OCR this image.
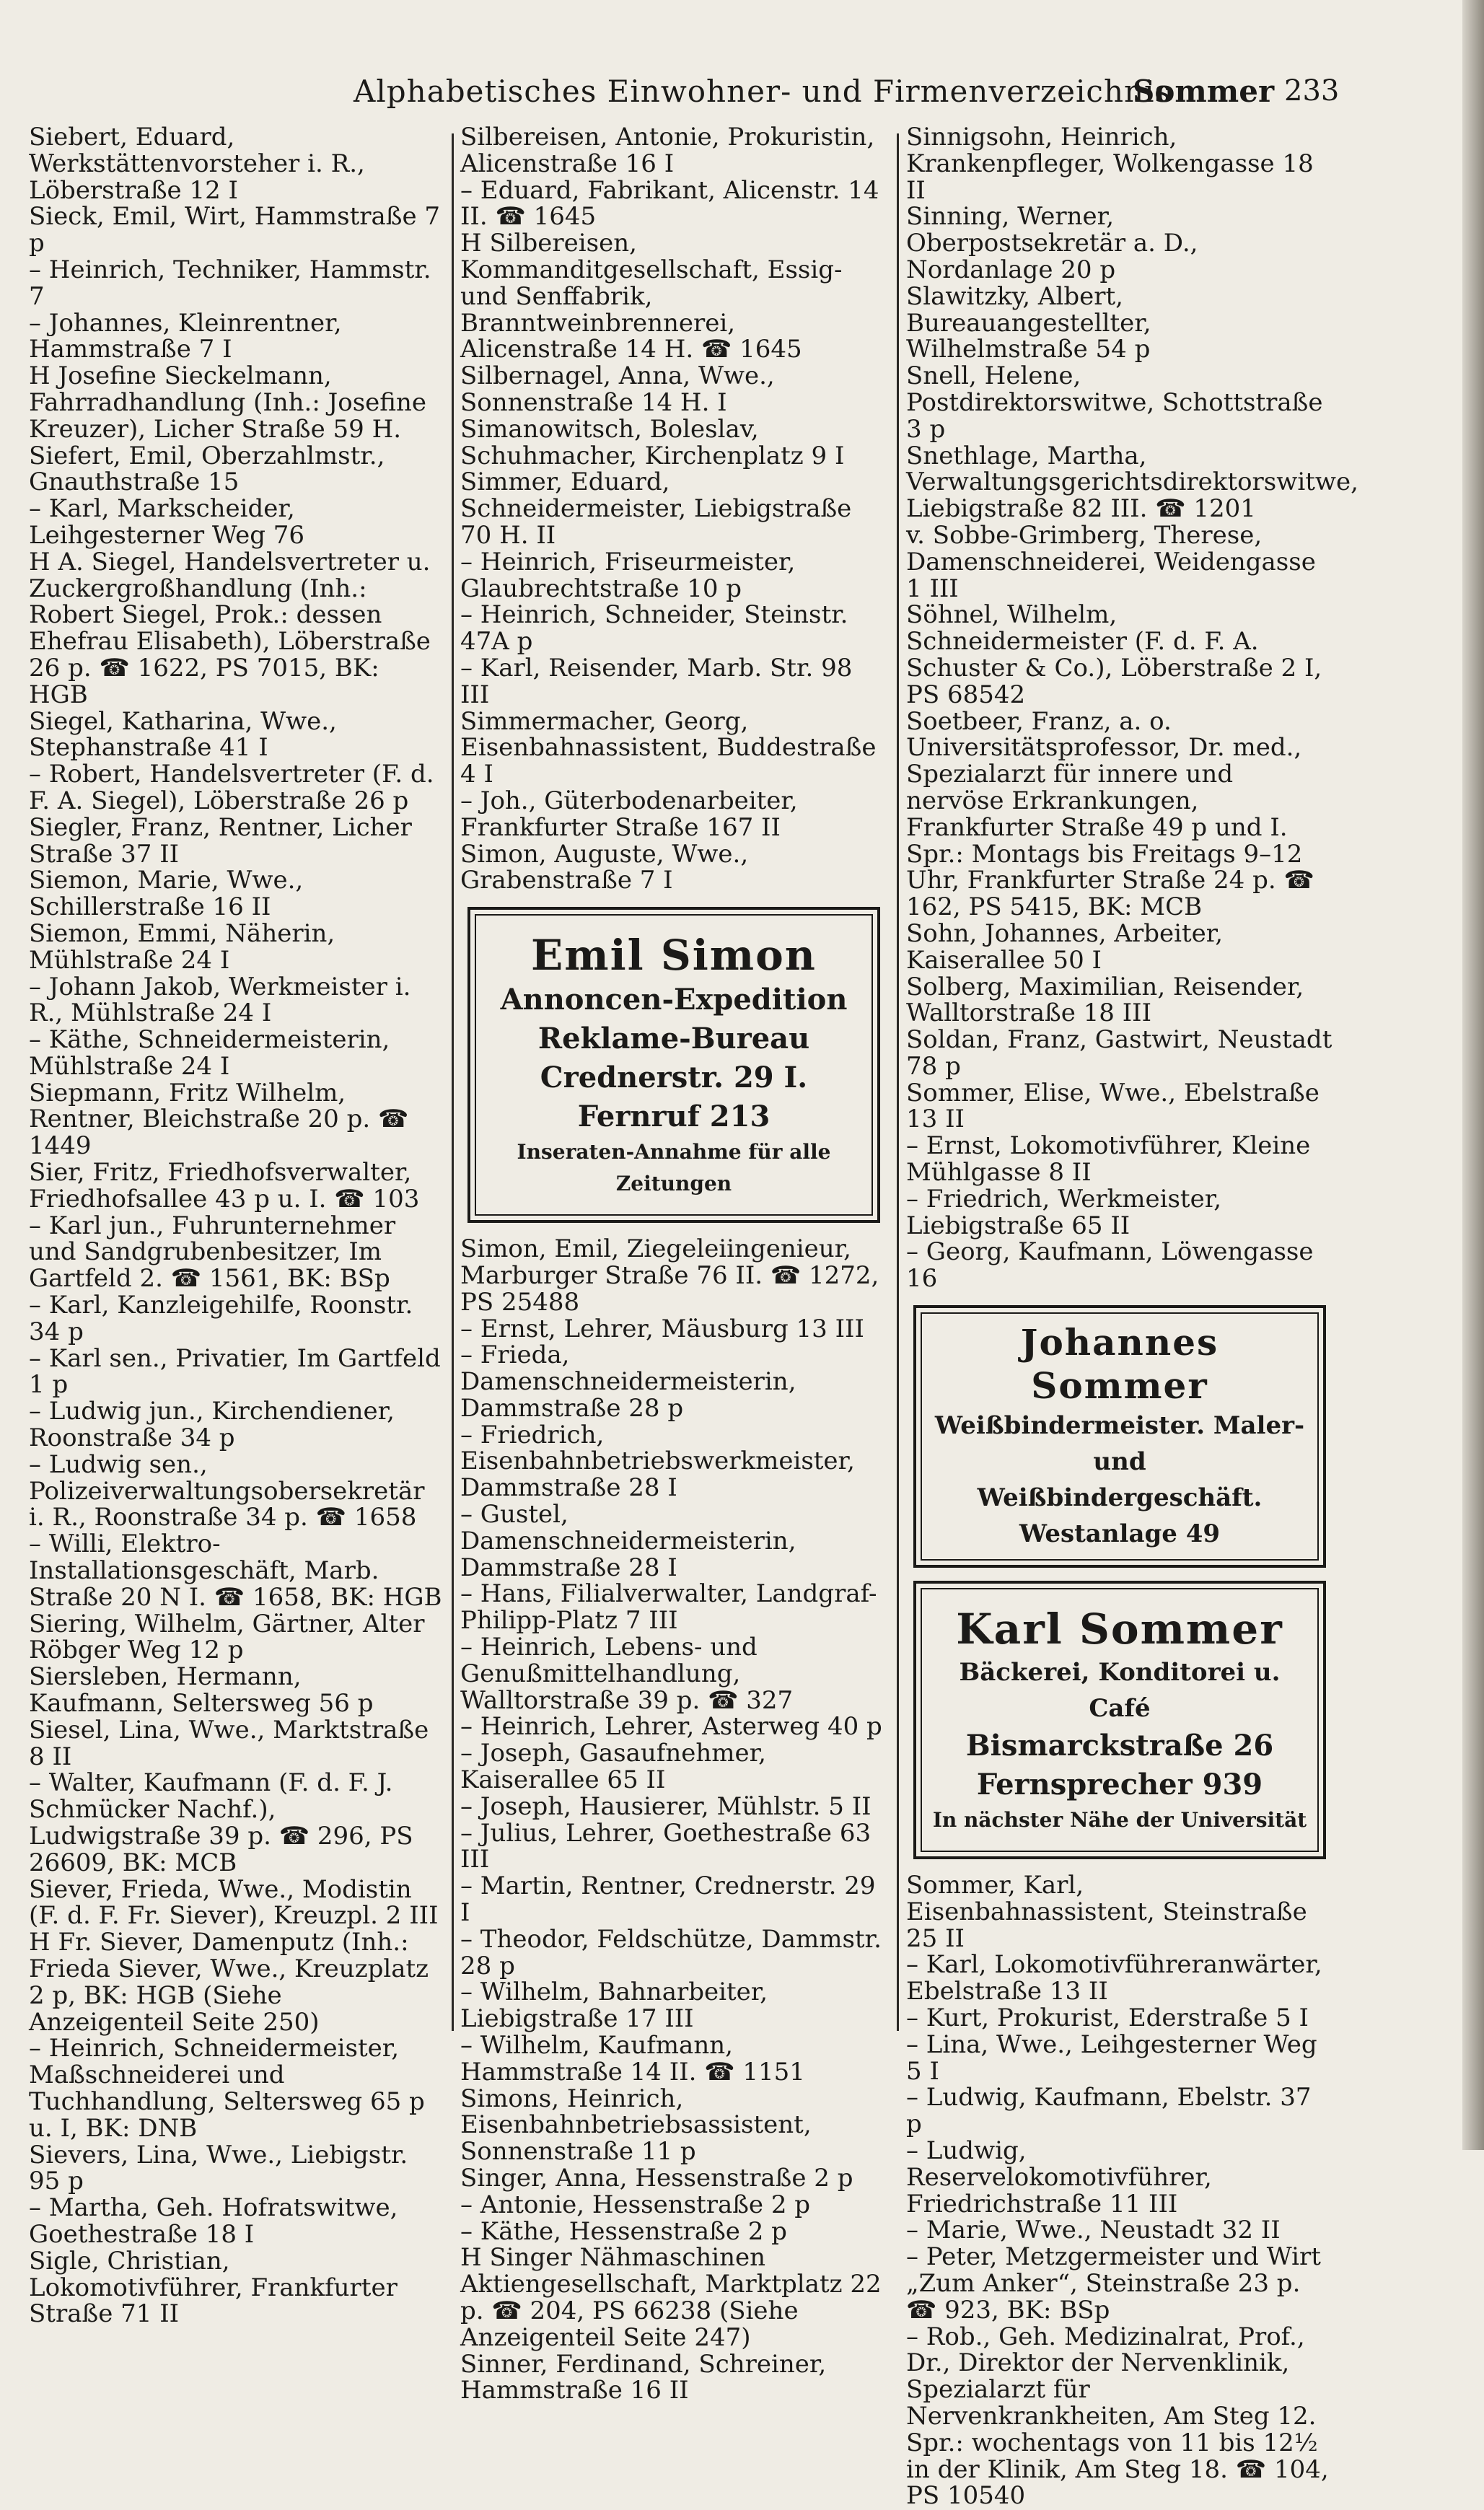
Alphabetisches Einwohner- und Firmenverzeichnis
Sommer 233

Siebert, Eduard, Werkstättenvorsteher i. R., Löberstraße 12 I

Sieck, Emil, Wirt, Hammstraße 7 p

– Heinrich, Techniker, Hammstr. 7

– Johannes, Kleinrentner, Hammstraße 7 I

H Josefine Sieckelmann, Fahrradhandlung (Inh.: Josefine Kreuzer), Licher Straße 59 H.

Siefert, Emil, Oberzahlmstr., Gnauthstraße 15

– Karl, Markscheider, Leihgesterner Weg 76

H A. Siegel, Handelsvertreter u. Zuckergroßhandlung (Inh.: Robert Siegel, Prok.: dessen Ehefrau Elisabeth), Löberstraße 26 p. ☎ 1622, PS 7015, BK: HGB

Siegel, Katharina, Wwe., Stephanstraße 41 I

– Robert, Handelsvertreter (F. d. F. A. Siegel), Löberstraße 26 p

Siegler, Franz, Rentner, Licher Straße 37 II

Siemon, Marie, Wwe., Schillerstraße 16 II

Siemon, Emmi, Näherin, Mühlstraße 24 I

– Johann Jakob, Werkmeister i. R., Mühlstraße 24 I

– Käthe, Schneidermeisterin, Mühlstraße 24 I

Siepmann, Fritz Wilhelm, Rentner, Bleichstraße 20 p. ☎ 1449

Sier, Fritz, Friedhofsverwalter, Friedhofsallee 43 p u. I. ☎ 103

– Karl jun., Fuhrunternehmer und Sandgrubenbesitzer, Im Gartfeld 2. ☎ 1561, BK: BSp

– Karl, Kanzleigehilfe, Roonstr. 34 p

– Karl sen., Privatier, Im Gartfeld 1 p

– Ludwig jun., Kirchendiener, Roonstraße 34 p

– Ludwig sen., Polizeiverwaltungsobersekretär i. R., Roonstraße 34 p. ☎ 1658

– Willi, Elektro-Installationsgeschäft, Marb. Straße 20 N I. ☎ 1658, BK: HGB

Siering, Wilhelm, Gärtner, Alter Röbger Weg 12 p

Siersleben, Hermann, Kaufmann, Seltersweg 56 p

Siesel, Lina, Wwe., Marktstraße 8 II

– Walter, Kaufmann (F. d. F. J. Schmücker Nachf.), Ludwigstraße 39 p. ☎ 296, PS 26609, BK: MCB

Siever, Frieda, Wwe., Modistin (F. d. F. Fr. Siever), Kreuzpl. 2 III

H Fr. Siever, Damenputz (Inh.: Frieda Siever, Wwe., Kreuzplatz 2 p, BK: HGB (Siehe Anzeigenteil Seite 250)

– Heinrich, Schneidermeister, Maßschneiderei und Tuchhandlung, Seltersweg 65 p u. I, BK: DNB

Sievers, Lina, Wwe., Liebigstr. 95 p

– Martha, Geh. Hofratswitwe, Goethestraße 18 I

Sigle, Christian, Lokomotivführer, Frankfurter Straße 71 II

Silbereisen, Antonie, Prokuristin, Alicenstraße 16 I

– Eduard, Fabrikant, Alicenstr. 14 II. ☎ 1645

H Silbereisen, Kommanditgesellschaft, Essig- und Senffabrik, Branntweinbrennerei, Alicenstraße 14 H. ☎ 1645

Silbernagel, Anna, Wwe., Sonnenstraße 14 H. I

Simanowitsch, Boleslav, Schuhmacher, Kirchenplatz 9 I

Simmer, Eduard, Schneidermeister, Liebigstraße 70 H. II

– Heinrich, Friseurmeister, Glaubrechtstraße 10 p

– Heinrich, Schneider, Steinstr. 47A p

– Karl, Reisender, Marb. Str. 98 III

Simmermacher, Georg, Eisenbahnassistent, Buddestraße 4 I

– Joh., Güterbodenarbeiter, Frankfurter Straße 167 II

Simon, Auguste, Wwe., Grabenstraße 7 I

Emil Simon
Annoncen-Expedition
Reklame-Bureau
Crednerstr. 29 I. Fernruf 213
Inseraten-Annahme für alle Zeitungen

Simon, Emil, Ziegeleiingenieur, Marburger Straße 76 II. ☎ 1272, PS 25488

– Ernst, Lehrer, Mäusburg 13 III

– Frieda, Damenschneidermeisterin, Dammstraße 28 p

– Friedrich, Eisenbahnbetriebswerkmeister, Dammstraße 28 I

– Gustel, Damenschneidermeisterin, Dammstraße 28 I

– Hans, Filialverwalter, Landgraf-Philipp-Platz 7 III

– Heinrich, Lebens- und Genußmittelhandlung, Walltorstraße 39 p. ☎ 327

– Heinrich, Lehrer, Asterweg 40 p

– Joseph, Gasaufnehmer, Kaiserallee 65 II

– Joseph, Hausierer, Mühlstr. 5 II

– Julius, Lehrer, Goethestraße 63 III

– Martin, Rentner, Crednerstr. 29 I

– Theodor, Feldschütze, Dammstr. 28 p

– Wilhelm, Bahnarbeiter, Liebigstraße 17 III

– Wilhelm, Kaufmann, Hammstraße 14 II. ☎ 1151

Simons, Heinrich, Eisenbahnbetriebsassistent, Sonnenstraße 11 p

Singer, Anna, Hessenstraße 2 p

– Antonie, Hessenstraße 2 p

– Käthe, Hessenstraße 2 p

H Singer Nähmaschinen Aktiengesellschaft, Marktplatz 22 p. ☎ 204, PS 66238 (Siehe Anzeigenteil Seite 247)

Sinner, Ferdinand, Schreiner, Hammstraße 16 II

Sinnigsohn, Heinrich, Krankenpfleger, Wolkengasse 18 II

Sinning, Werner, Oberpostsekretär a. D., Nordanlage 20 p

Slawitzky, Albert, Bureauangestellter, Wilhelmstraße 54 p

Snell, Helene, Postdirektorswitwe, Schottstraße 3 p

Snethlage, Martha, Verwaltungsgerichtsdirektorswitwe, Liebigstraße 82 III. ☎ 1201

v. Sobbe-Grimberg, Therese, Damenschneiderei, Weidengasse 1 III

Söhnel, Wilhelm, Schneidermeister (F. d. F. A. Schuster & Co.), Löberstraße 2 I, PS 68542

Soetbeer, Franz, a. o. Universitätsprofessor, Dr. med., Spezialarzt für innere und nervöse Erkrankungen, Frankfurter Straße 49 p und I. Spr.: Montags bis Freitags 9–12 Uhr, Frankfurter Straße 24 p. ☎ 162, PS 5415, BK: MCB

Sohn, Johannes, Arbeiter, Kaiserallee 50 I

Solberg, Maximilian, Reisender, Walltorstraße 18 III

Soldan, Franz, Gastwirt, Neustadt 78 p

Sommer, Elise, Wwe., Ebelstraße 13 II

– Ernst, Lokomotivführer, Kleine Mühlgasse 8 II

– Friedrich, Werkmeister, Liebigstraße 65 II

– Georg, Kaufmann, Löwengasse 16

Johannes Sommer
Weißbindermeister. Maler- und
Weißbindergeschäft. Westanlage 49
Karl Sommer
Bäckerei, Konditorei u. Café
Bismarckstraße 26
Fernsprecher 939
In nächster Nähe der Universität

Sommer, Karl, Eisenbahnassistent, Steinstraße 25 II

– Karl, Lokomotivführeranwärter, Ebelstraße 13 II

– Kurt, Prokurist, Ederstraße 5 I

– Lina, Wwe., Leihgesterner Weg 5 I

– Ludwig, Kaufmann, Ebelstr. 37 p

– Ludwig, Reservelokomotivführer, Friedrichstraße 11 III

– Marie, Wwe., Neustadt 32 II

– Peter, Metzgermeister und Wirt „Zum Anker“, Steinstraße 23 p. ☎ 923, BK: BSp

– Rob., Geh. Medizinalrat, Prof., Dr., Direktor der Nervenklinik, Spezialarzt für Nervenkrankheiten, Am Steg 12. Spr.: wochentags von 11 bis 12½ in der Klinik, Am Steg 18. ☎ 104, PS 10540
